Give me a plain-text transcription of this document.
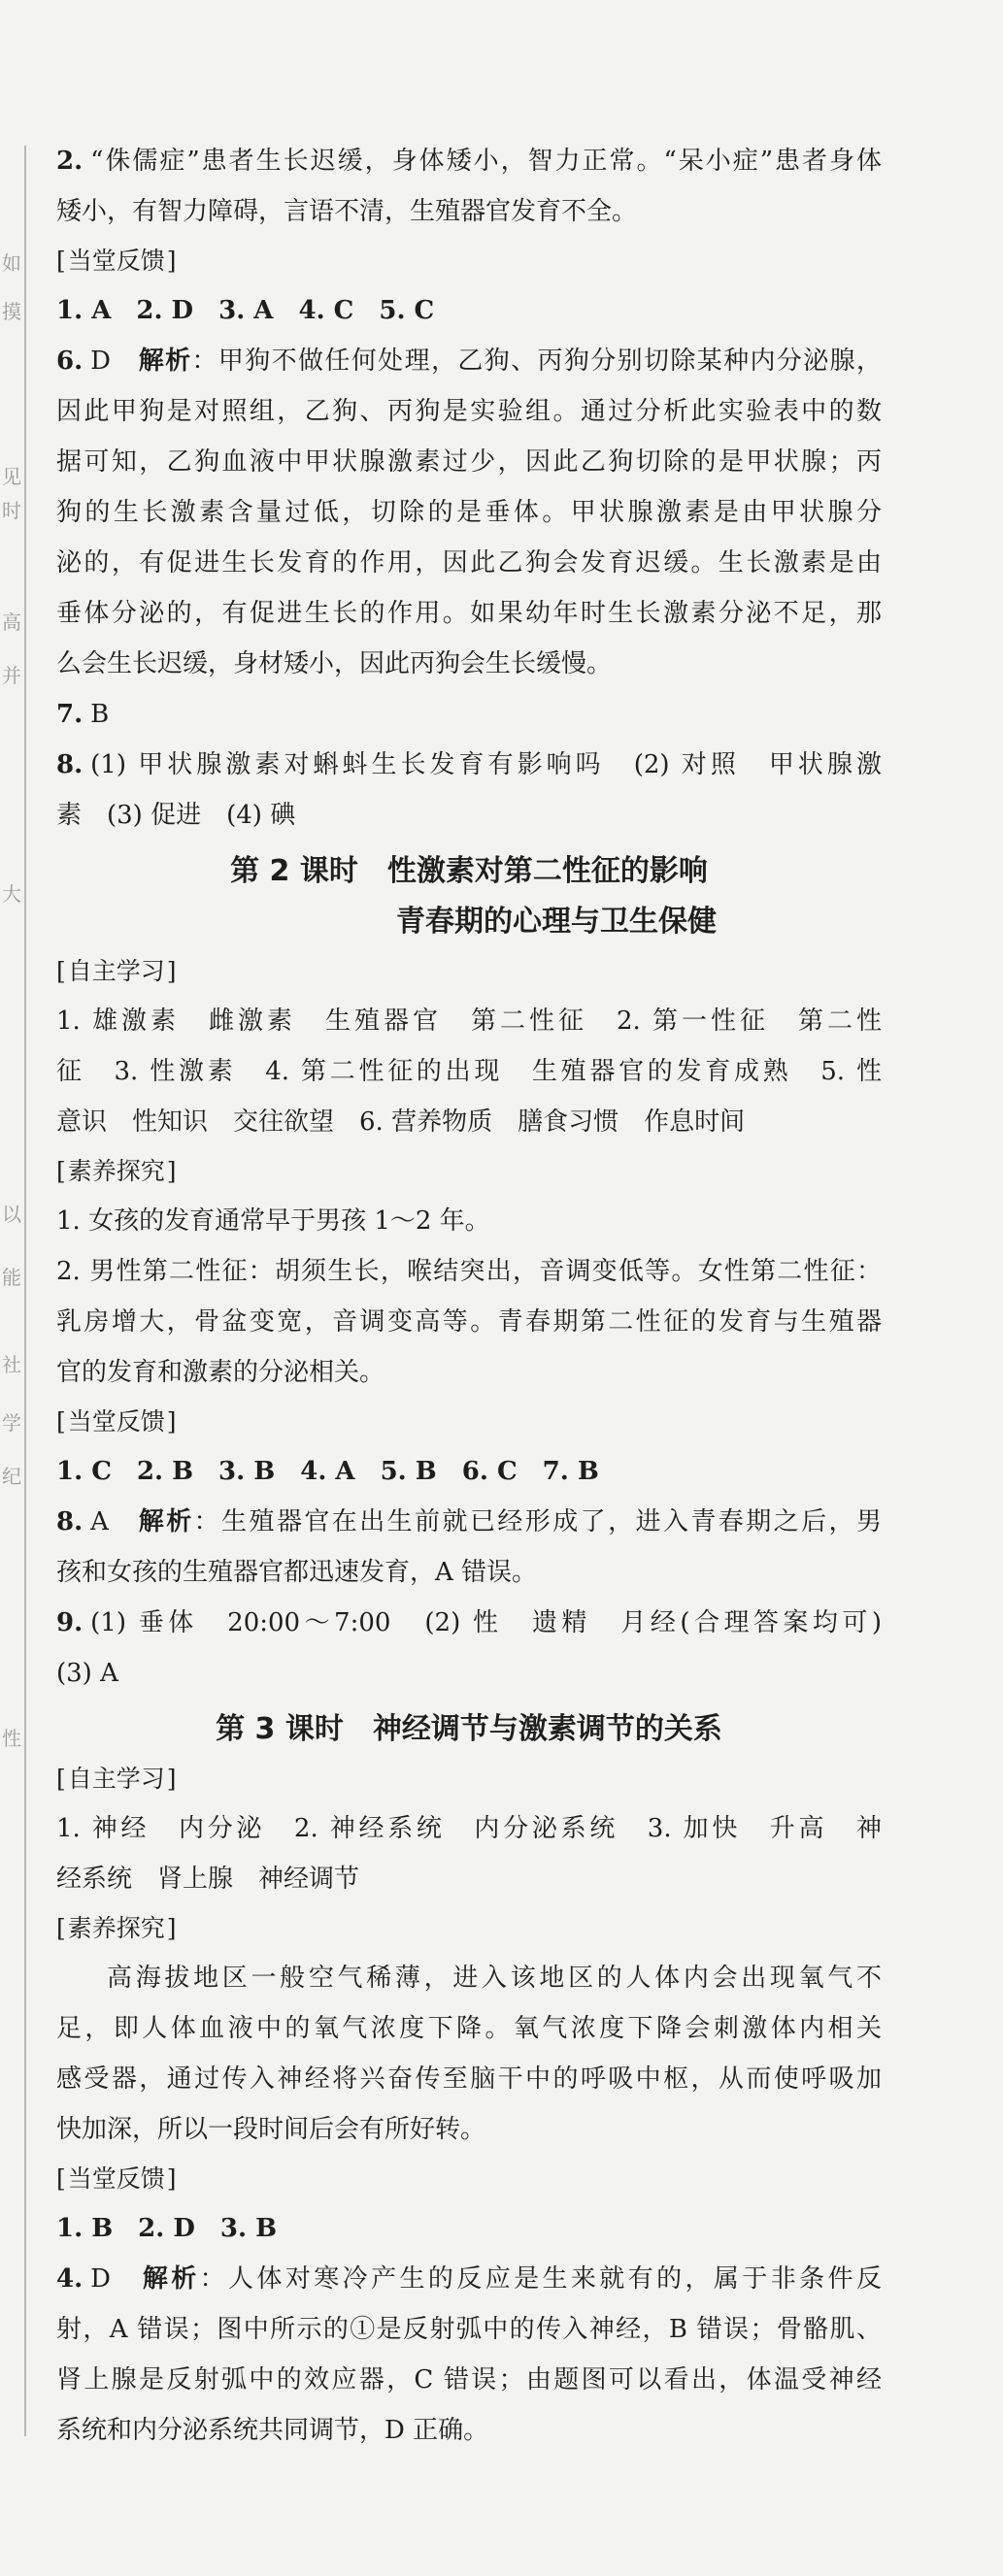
如
摸
见
时
高
并
大
以
能
社
学
纪
性
2. “侏儒症”患者生长迟缓，身体矮小，智力正常。“呆小症”患者身体
矮小，有智力障碍，言语不清，生殖器官发育不全。
[当堂反馈]
1. A　2. D　3. A　4. C　5. C
6. D　 解析：甲狗不做任何处理，乙狗、丙狗分别切除某种内分泌腺，
因此甲狗是对照组，乙狗、丙狗是实验组。通过分析此实验表中的数
据可知，乙狗血液中甲状腺激素过少，因此乙狗切除的是甲状腺；丙
狗的生长激素含量过低，切除的是垂体。甲状腺激素是由甲状腺分
泌的，有促进生长发育的作用，因此乙狗会发育迟缓。生长激素是由
垂体分泌的，有促进生长的作用。如果幼年时生长激素分泌不足，那
么会生长迟缓，身材矮小，因此丙狗会生长缓慢。
7. B
8. (1) 甲状腺激素对蝌蚪生长发育有影响吗　(2) 对照　甲状腺激
素　(3) 促进　(4) 碘
第 2 课时　性激素对第二性征的影响
青春期的心理与卫生保健
[自主学习]
1. 雄激素　雌激素　生殖器官　第二性征　2. 第一性征　第二性
征　3. 性激素　4. 第二性征的出现　生殖器官的发育成熟　5. 性
意识　性知识　交往欲望　6. 营养物质　膳食习惯　作息时间
[素养探究]
1. 女孩的发育通常早于男孩 1～2 年。
2. 男性第二性征：胡须生长，喉结突出，音调变低等。女性第二性征：
乳房增大，骨盆变宽，音调变高等。青春期第二性征的发育与生殖器
官的发育和激素的分泌相关。
[当堂反馈]
1. C　2. B　3. B　4. A　5. B　6. C　7. B
8. A　 解析：生殖器官在出生前就已经形成了，进入青春期之后，男
孩和女孩的生殖器官都迅速发育，A 错误。
9. (1) 垂体　20:00～7:00　(2) 性　遗精　月经(合理答案均可)
(3) A
第 3 课时　神经调节与激素调节的关系
[自主学习]
1. 神经　内分泌　2. 神经系统　内分泌系统　3. 加快　升高　神
经系统　肾上腺　神经调节
[素养探究]
高海拔地区一般空气稀薄，进入该地区的人体内会出现氧气不
足，即人体血液中的氧气浓度下降。氧气浓度下降会刺激体内相关
感受器，通过传入神经将兴奋传至脑干中的呼吸中枢，从而使呼吸加
快加深，所以一段时间后会有所好转。
[当堂反馈]
1. B　2. D　3. B
4. D　 解析：人体对寒冷产生的反应是生来就有的，属于非条件反
射，A 错误；图中所示的①是反射弧中的传入神经，B 错误；骨骼肌、
肾上腺是反射弧中的效应器，C 错误；由题图可以看出，体温受神经
系统和内分泌系统共同调节，D 正确。
